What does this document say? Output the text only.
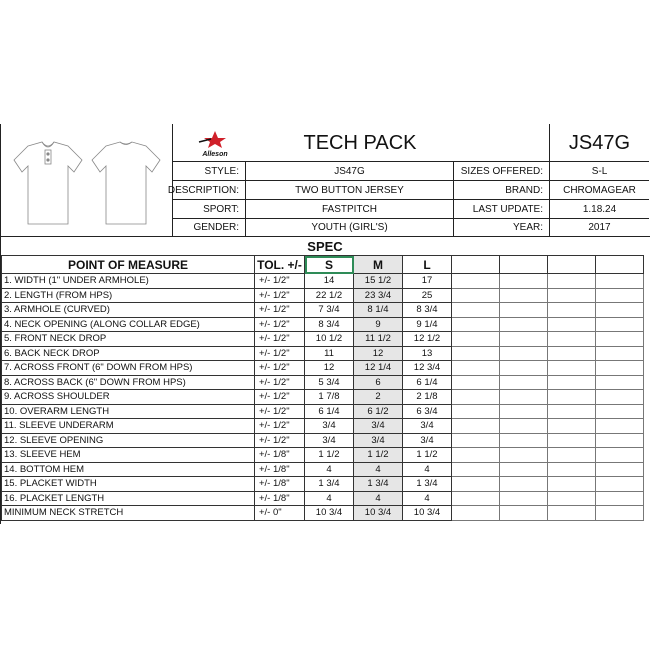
Alleson
TECH PACK	JS47G
STYLE:	JS47G	SIZES OFFERED:	S-L
DESCRIPTION:	TWO BUTTON JERSEY	BRAND:	CHROMAGEAR
SPORT:	FASTPITCH	LAST UPDATE:	1.18.24
GENDER:	YOUTH (GIRL'S)	YEAR:	2017
SPEC
POINT OF MEASURE	TOL. +/-	S	M	L				
1. WIDTH (1" UNDER ARMHOLE)	+/- 1/2"	14	15 1/2	17				
2. LENGTH (FROM HPS)	+/- 1/2"	22 1/2	23 3/4	25				
3. ARMHOLE (CURVED)	+/- 1/2"	7 3/4	8 1/4	8 3/4				
4. NECK OPENING (ALONG COLLAR EDGE)	+/- 1/2"	8 3/4	9	9 1/4				
5. FRONT NECK DROP	+/- 1/2"	10 1/2	11 1/2	12 1/2				
6. BACK NECK DROP	+/- 1/2"	11	12	13				
7. ACROSS FRONT (6" DOWN FROM HPS)	+/- 1/2"	12	12 1/4	12 3/4				
8. ACROSS BACK (6" DOWN FROM HPS)	+/- 1/2"	5 3/4	6	6 1/4				
9. ACROSS SHOULDER	+/- 1/2"	1 7/8	2	2 1/8				
10. OVERARM LENGTH	+/- 1/2"	6 1/4	6 1/2	6 3/4				
11. SLEEVE UNDERARM	+/- 1/2"	3/4	3/4	3/4				
12. SLEEVE OPENING	+/- 1/2"	3/4	3/4	3/4				
13. SLEEVE HEM	+/- 1/8"	1 1/2	1 1/2	1 1/2				
14. BOTTOM HEM	+/- 1/8"	4	4	4				
15. PLACKET WIDTH	+/- 1/8"	1 3/4	1 3/4	1 3/4				
16. PLACKET LENGTH	+/- 1/8"	4	4	4				
MINIMUM NECK STRETCH	+/- 0"	10 3/4	10 3/4	10 3/4				
